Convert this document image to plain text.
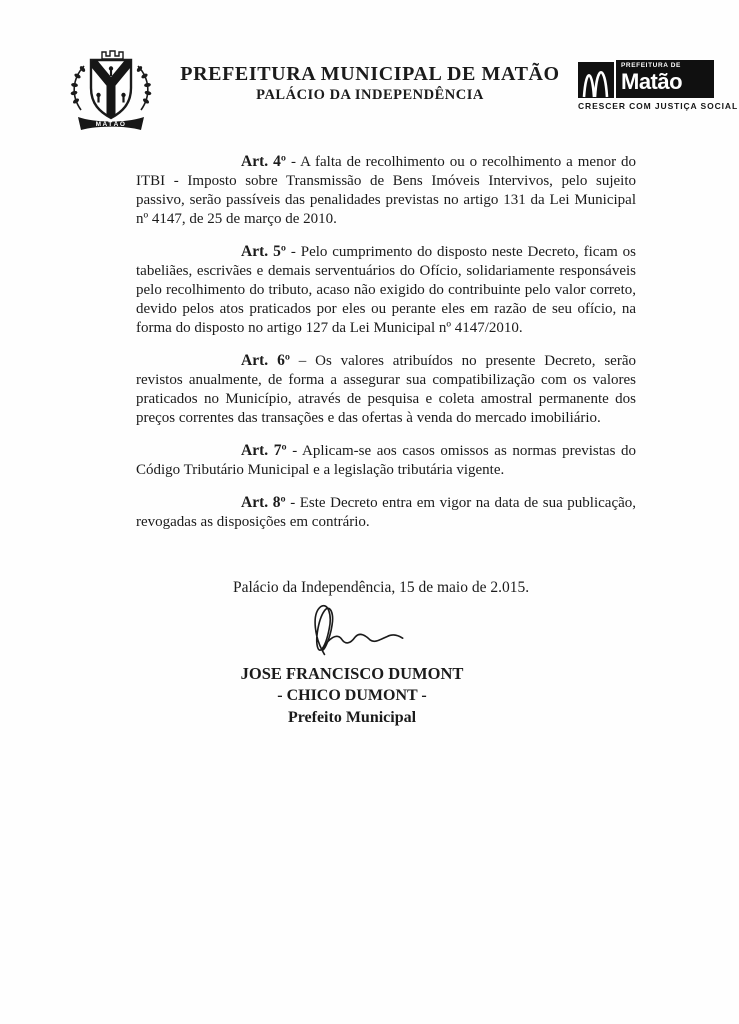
MATÃO
PREFEITURA MUNICIPAL DE MATÃO
PALÁCIO DA INDEPENDÊNCIA
PREFEITURA DE
Matão
CRESCER COM JUSTIÇA SOCIAL

Art. 4º - A falta de recolhimento ou o recolhimento a menor do ITBI - Imposto sobre Transmissão de Bens Imóveis Intervivos, pelo sujeito passivo, serão passíveis das penalidades previstas no artigo 131 da Lei Municipal nº 4147, de 25 de março de 2010.

Art. 5º - Pelo cumprimento do disposto neste Decreto, ficam os tabeliães, escrivães e demais serventuários do Ofício, solidariamente responsáveis pelo recolhimento do tributo, acaso não exigido do contribuinte pelo valor correto, devido pelos atos praticados por eles ou perante eles em razão de seu ofício, na forma do disposto no artigo 127 da Lei Municipal nº 4147/2010.

Art. 6º – Os valores atribuídos no presente Decreto, serão revistos anualmente, de forma a assegurar sua compatibilização com os valores praticados no Município, através de pesquisa e coleta amostral permanente dos preços correntes das transações e das ofertas à venda do mercado imobiliário.

Art. 7º - Aplicam-se aos casos omissos as normas previstas do Código Tributário Municipal e a legislação tributária vigente.

Art. 8º - Este Decreto entra em vigor na data de sua publicação, revogadas as disposições em contrário.

Palácio da Independência, 15 de maio de 2.015.
JOSE FRANCISCO DUMONT
- CHICO DUMONT -
Prefeito Municipal
